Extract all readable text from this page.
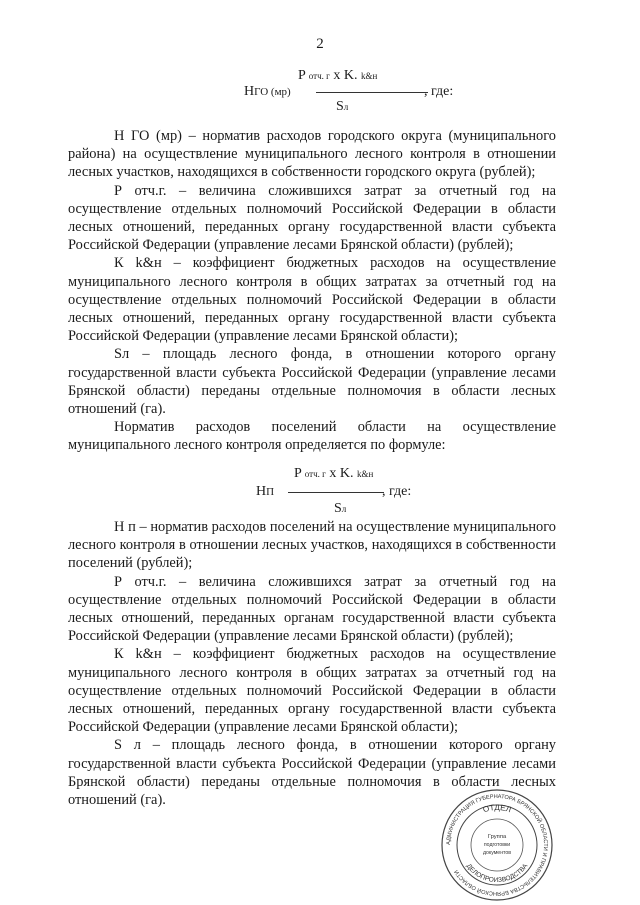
2
P отч. г x K. k&н
НГО (мр)	, где:
Sл

Н ГО (мр) – норматив расходов городского округа (муниципального района) на осуществление муниципального лесного контроля в отношении лесных участков, находящихся в собственности городского округа (рублей);

Р отч.г. – величина сложившихся затрат за отчетный год на осуществление отдельных полномочий Российской Федерации в области лесных отношений, переданных органу государственной власти субъекта Российской Федерации (управление лесами Брянской области) (рублей);

К k&н – коэффициент бюджетных расходов на осуществление муниципального лесного контроля в общих затратах за отчетный год на осуществление отдельных полномочий Российской Федерации в области лесных отношений, переданных органу государственной власти субъекта Российской Федерации (управление лесами Брянской области);

Sл – площадь лесного фонда, в отношении которого органу государственной власти субъекта Российской Федерации (управление лесами Брянской области) переданы отдельные полномочия в области лесных отношений (га).

Норматив расходов поселений области на осуществление муниципального лесного контроля определяется по формуле:

P отч. г x K. k&н
НП	, где:
Sл

Н п – норматив расходов поселений на осуществление муниципального лесного контроля в отношении лесных участков, находящихся в собственности поселений (рублей);

Р отч.г. – величина сложившихся затрат за отчетный год на осуществление отдельных полномочий Российской Федерации в области лесных отношений, переданных органам государственной власти субъекта Российской Федерации (управление лесами Брянской области) (рублей);

К k&н – коэффициент бюджетных расходов на осуществление муниципального лесного контроля в общих затратах за отчетный год на осуществление отдельных полномочий Российской Федерации в области лесных отношений, переданных органу государственной власти субъекта Российской Федерации (управление лесами Брянской области);

S л – площадь лесного фонда, в отношении которого органу государственной власти субъекта Российской Федерации (управление лесами Брянской области) переданы отдельные полномочия в области лесных отношений (га).

АДМИНИСТРАЦИЯ ГУБЕРНАТОРА БРЯНСКОЙ ОБЛАСТИ И ПРАВИТЕЛЬСТВА БРЯНСКОЙ ОБЛАСТИ
ОТДЕЛ
ДЕЛОПРОИЗВОДСТВА
Группа
подготовки
документов
